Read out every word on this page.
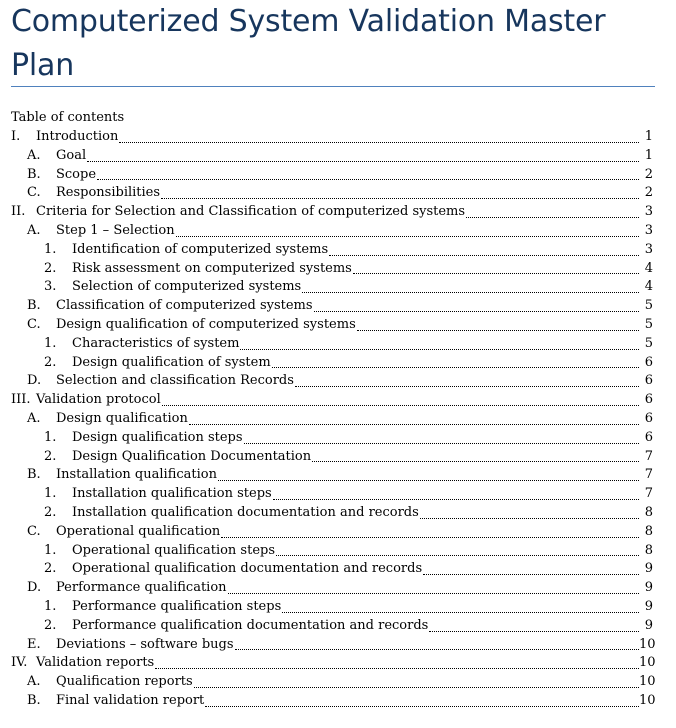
Computerized System Validation Master Plan
Table of contents
I. Introduction	1
A. Goal	1
B. Scope	2
C. Responsibilities	2
II. Criteria for Selection and Classification of computerized systems	3
A. Step 1 – Selection	3
1. Identification of computerized systems	3
2. Risk assessment on computerized systems	4
3. Selection of computerized systems	4
B. Classification of computerized systems	5
C. Design qualification of computerized systems	5
1. Characteristics of system	5
2. Design qualification of system	6
D. Selection and classification Records	6
III. Validation protocol	6
A. Design qualification	6
1. Design qualification steps	6
2. Design Qualification Documentation	7
B. Installation qualification	7
1. Installation qualification steps	7
2. Installation qualification documentation and records	8
C. Operational qualification	8
1. Operational qualification steps	8
2. Operational qualification documentation and records	9
D. Performance qualification	9
1. Performance qualification steps	9
2. Performance qualification documentation and records	9
E. Deviations – software bugs	10
IV. Validation reports	10
A. Qualification reports	10
B. Final validation report	10
